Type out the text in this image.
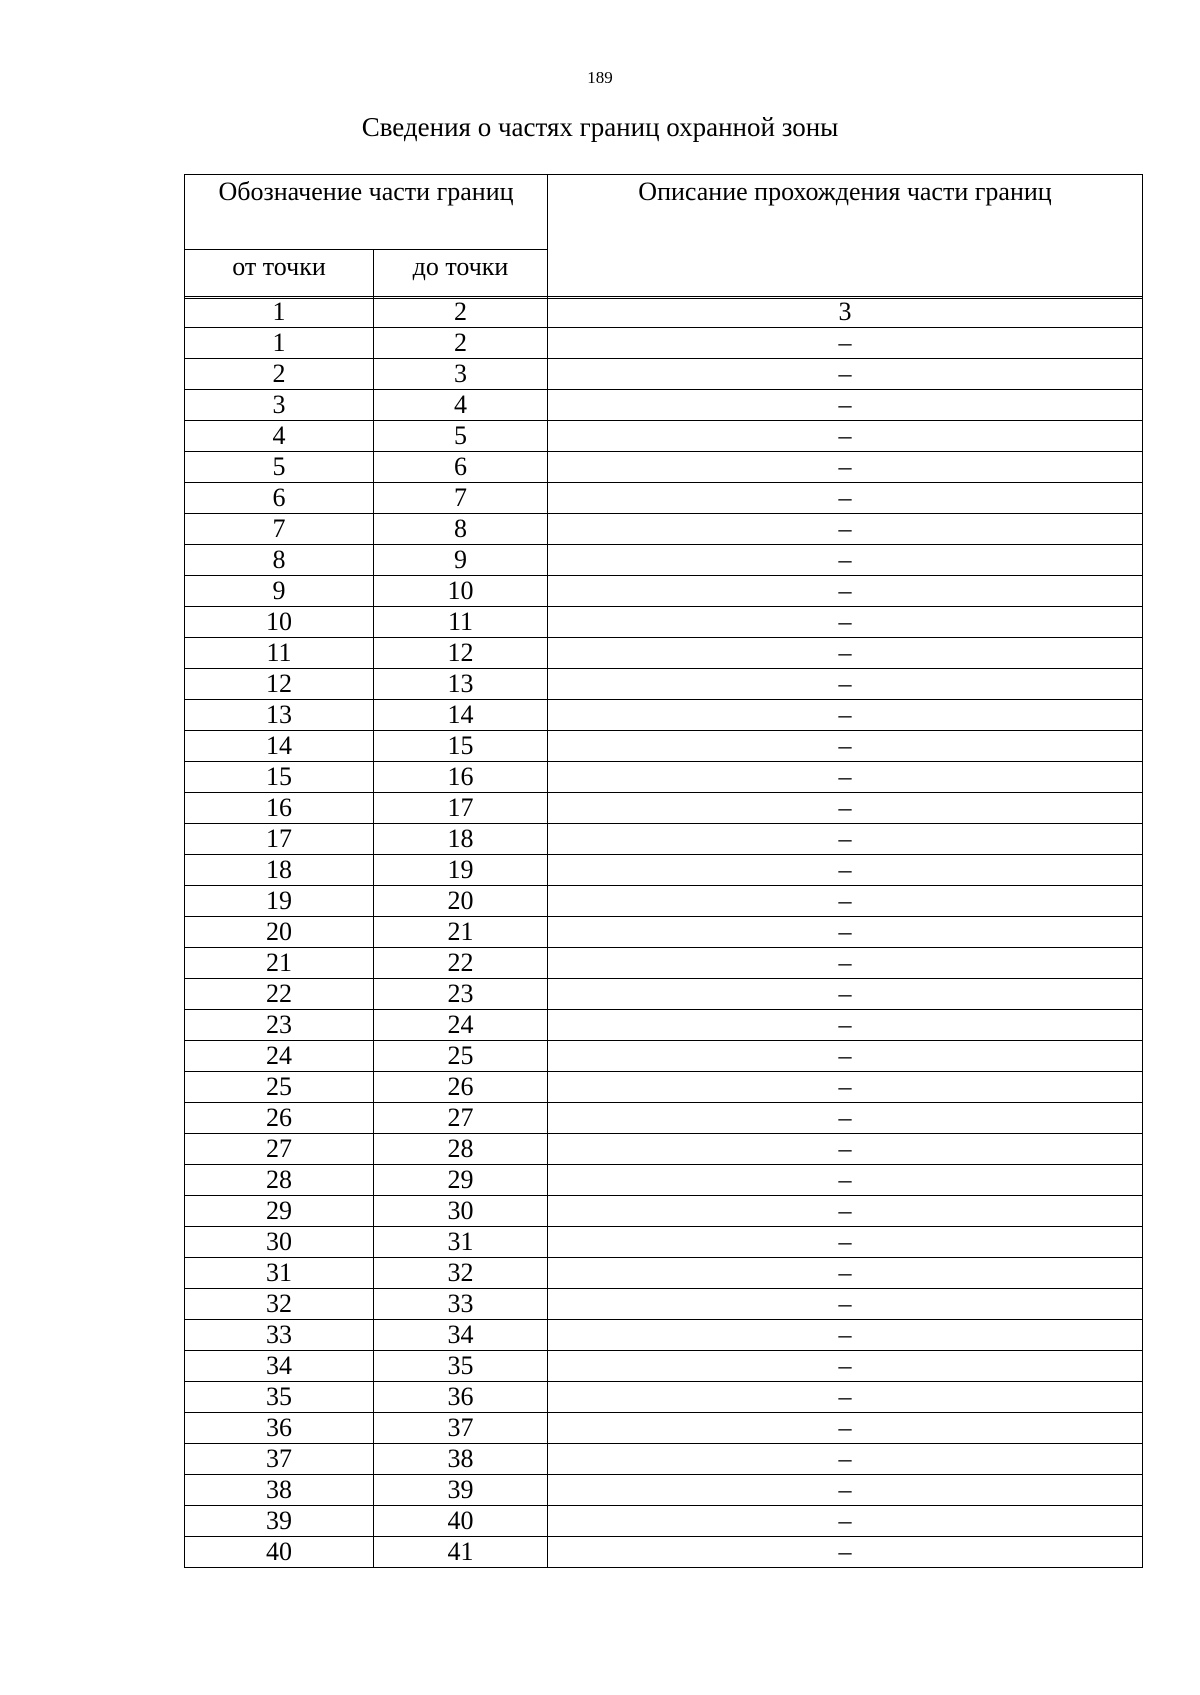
189
Сведения о частях границ охранной зоны
Обозначение части границ		Описание прохождения части границ
от точки	до точки	
1	2	3
1	2	–
2	3	–
3	4	–
4	5	–
5	6	–
6	7	–
7	8	–
8	9	–
9	10	–
10	11	–
11	12	–
12	13	–
13	14	–
14	15	–
15	16	–
16	17	–
17	18	–
18	19	–
19	20	–
20	21	–
21	22	–
22	23	–
23	24	–
24	25	–
25	26	–
26	27	–
27	28	–
28	29	–
29	30	–
30	31	–
31	32	–
32	33	–
33	34	–
34	35	–
35	36	–
36	37	–
37	38	–
38	39	–
39	40	–
40	41	–
